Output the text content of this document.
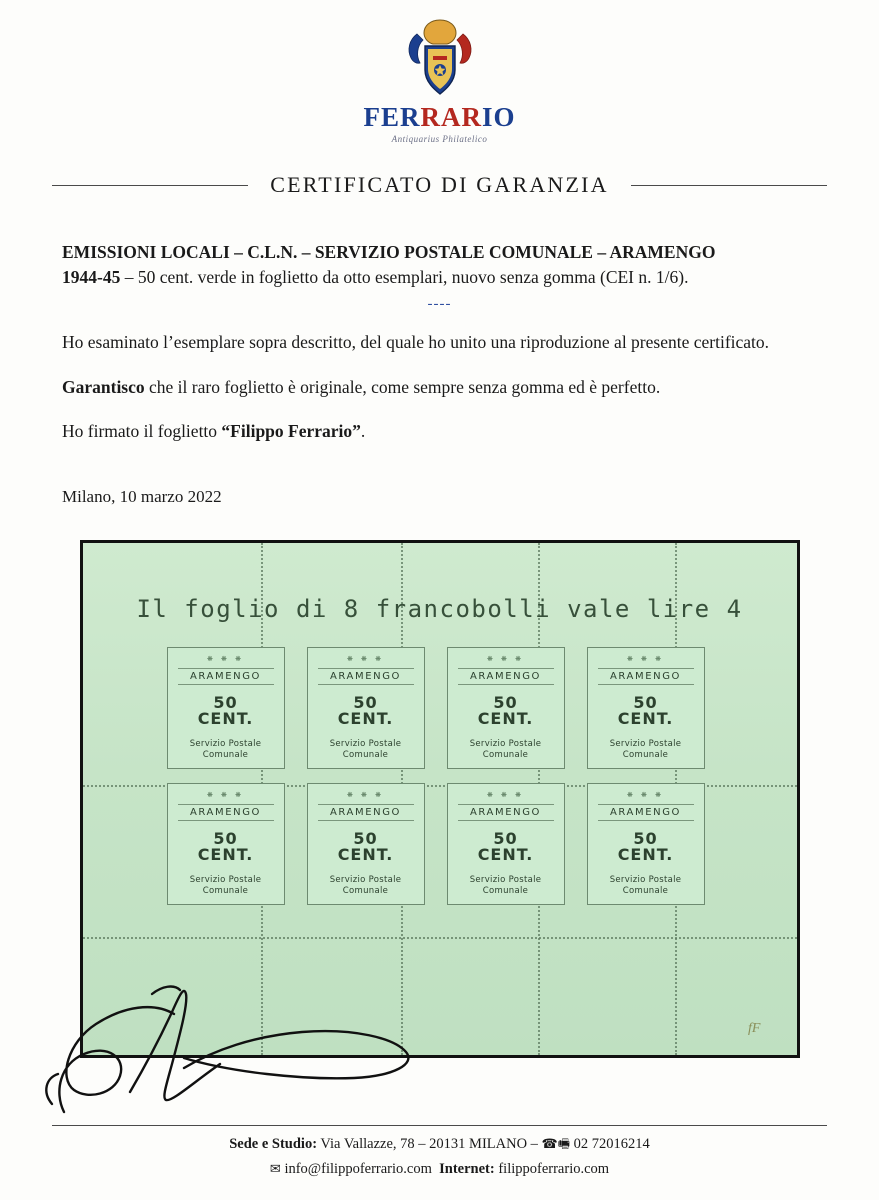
FERRARIO
Antiquarius Philatelico
CERTIFICATO DI GARANZIA
EMISSIONI LOCALI – C.L.N. – SERVIZIO POSTALE COMUNALE – ARAMENGO
1944-45 – 50 cent. verde in foglietto da otto esemplari, nuovo senza gomma (CEI n. 1/6).
----

Ho esaminato l’esemplare sopra descritto, del quale ho unito una riproduzione al presente certificato.

Garantisco che il raro foglietto è originale, come sempre senza gomma ed è perfetto.

Ho firmato il foglietto “Filippo Ferrario”.

Milano, 10 marzo 2022
Il foglio di 8 francobolli vale lire 4
❋ ❋ ❋
ARAMENGO
50
CENT.
Servizio Postale
Comunale
❋ ❋ ❋
ARAMENGO
50
CENT.
Servizio Postale
Comunale
❋ ❋ ❋
ARAMENGO
50
CENT.
Servizio Postale
Comunale
❋ ❋ ❋
ARAMENGO
50
CENT.
Servizio Postale
Comunale
❋ ❋ ❋
ARAMENGO
50
CENT.
Servizio Postale
Comunale
❋ ❋ ❋
ARAMENGO
50
CENT.
Servizio Postale
Comunale
❋ ❋ ❋
ARAMENGO
50
CENT.
Servizio Postale
Comunale
❋ ❋ ❋
ARAMENGO
50
CENT.
Servizio Postale
Comunale
fF
Sede e Studio: Via Vallazze, 78 – 20131 MILANO – ☎🖷 02 72016214
✉ info@filippoferrario.com Internet: filippoferrario.com
